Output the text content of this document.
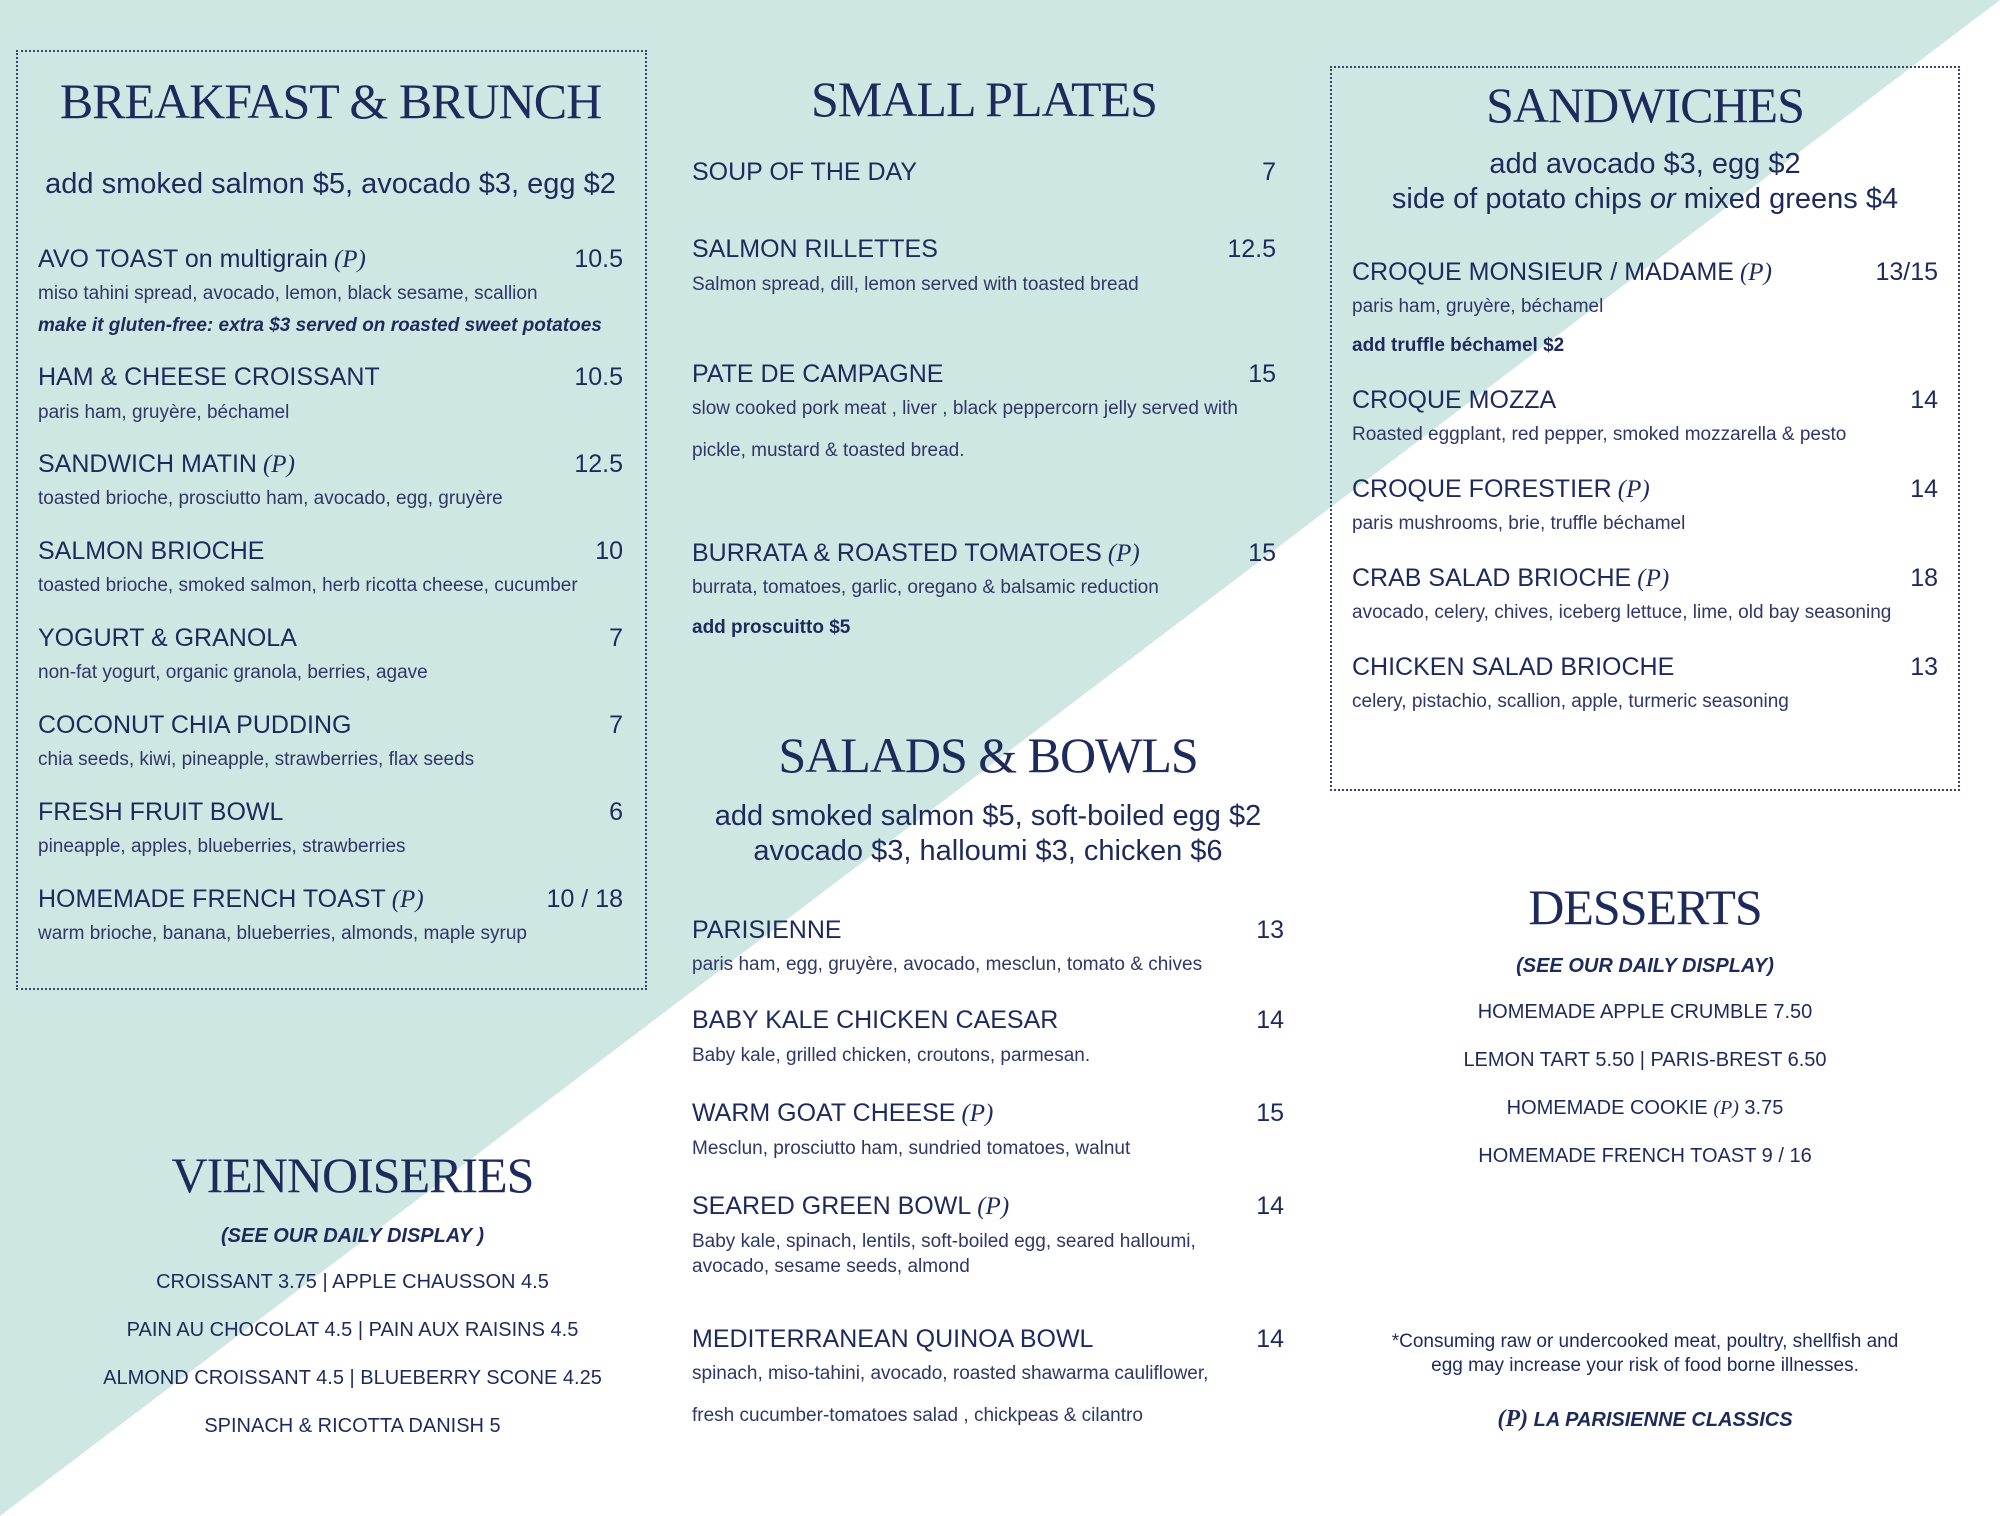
BREAKFAST & BRUNCH
add smoked salmon $5, avocado $3, egg $2
AVO TOAST on multigrain (P)	10.5
miso tahini spread, avocado, lemon, black sesame, scallion
make it gluten-free: extra $3 served on roasted sweet potatoes
HAM & CHEESE CROISSANT	10.5
paris ham, gruyère, béchamel
SANDWICH MATIN (P)	12.5
toasted brioche, prosciutto ham, avocado, egg, gruyère
SALMON BRIOCHE	10
toasted brioche, smoked salmon, herb ricotta cheese, cucumber
YOGURT & GRANOLA	7
non-fat yogurt, organic granola, berries, agave
COCONUT CHIA PUDDING	7
chia seeds, kiwi, pineapple, strawberries, flax seeds
FRESH FRUIT BOWL	6
pineapple, apples, blueberries, strawberries
HOMEMADE FRENCH TOAST (P)	10 / 18
warm brioche, banana, blueberries, almonds, maple syrup
VIENNOISERIES
(SEE OUR DAILY DISPLAY )
CROISSANT 3.75 | APPLE CHAUSSON 4.5
PAIN AU CHOCOLAT 4.5 | PAIN AUX RAISINS 4.5
ALMOND CROISSANT 4.5 | BLUEBERRY SCONE 4.25
SPINACH & RICOTTA DANISH 5
SMALL PLATES
SOUP OF THE DAY	7
SALMON RILLETTES	12.5
Salmon spread, dill, lemon served with toasted bread
PATE DE CAMPAGNE	15
slow cooked pork meat , liver , black peppercorn jelly served with
pickle, mustard & toasted bread.
BURRATA & ROASTED TOMATOES (P)	15
burrata, tomatoes, garlic, oregano & balsamic reduction
add proscuitto $5
SALADS & BOWLS
add smoked salmon $5, soft-boiled egg $2
avocado $3, halloumi $3, chicken $6
PARISIENNE	13
paris ham, egg, gruyère, avocado, mesclun, tomato & chives
BABY KALE CHICKEN CAESAR	14
Baby kale, grilled chicken, croutons, parmesan.
WARM GOAT CHEESE (P)	15
Mesclun, prosciutto ham, sundried tomatoes, walnut
SEARED GREEN BOWL (P)	14
Baby kale, spinach, lentils, soft-boiled egg, seared halloumi,
avocado, sesame seeds, almond
MEDITERRANEAN QUINOA BOWL	14
spinach, miso-tahini, avocado, roasted shawarma cauliflower,
fresh cucumber-tomatoes salad , chickpeas & cilantro
SANDWICHES
add avocado $3, egg $2
side of potato chips or mixed greens $4
CROQUE MONSIEUR / MADAME (P)	13/15
paris ham, gruyère, béchamel
add truffle béchamel $2
CROQUE MOZZA	14
Roasted eggplant, red pepper, smoked mozzarella & pesto
CROQUE FORESTIER (P)	14
paris mushrooms, brie, truffle béchamel
CRAB SALAD BRIOCHE (P)	18
avocado, celery, chives, iceberg lettuce, lime, old bay seasoning
CHICKEN SALAD BRIOCHE	13
celery, pistachio, scallion, apple, turmeric seasoning
DESSERTS
(SEE OUR DAILY DISPLAY)
HOMEMADE APPLE CRUMBLE 7.50
LEMON TART 5.50 | PARIS-BREST 6.50
HOMEMADE COOKIE (P) 3.75
HOMEMADE FRENCH TOAST 9 / 16
*Consuming raw or undercooked meat, poultry, shellfish and
egg may increase your risk of food borne illnesses.
(P) LA PARISIENNE CLASSICS
